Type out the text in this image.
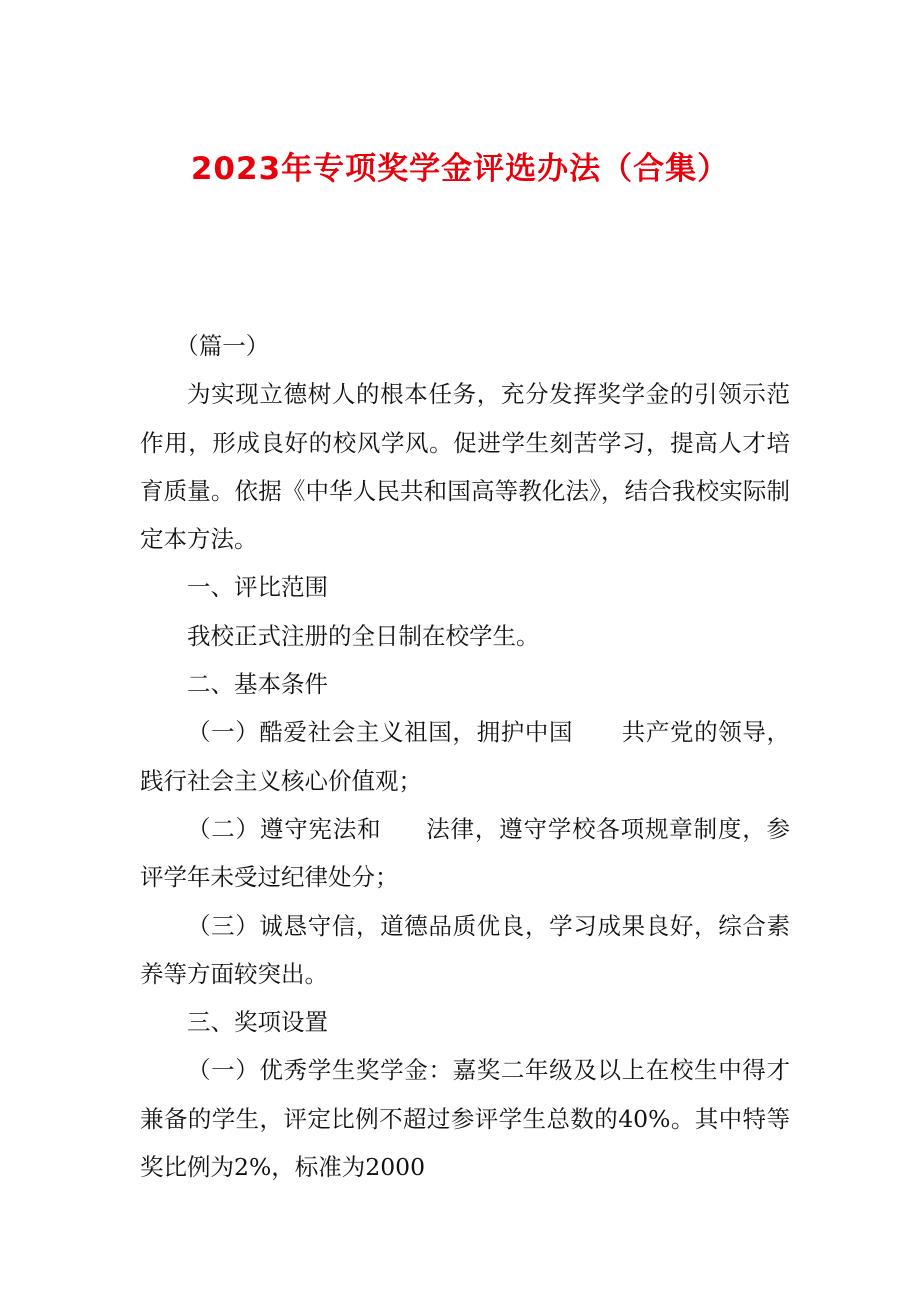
2023年专项奖学金评选办法（合集）

（篇一）

为实现立德树人的根本任务，充分发挥奖学金的引领示范作用，形成良好的校风学风。促进学生刻苦学习，提高人才培育质量。依据《中华人民共和国高等教化法》，结合我校实际制定本方法。

一、评比范围

我校正式注册的全日制在校学生。

二、基本条件

（一）酷爱社会主义祖国，拥护中国 共产党的领导，践行社会主义核心价值观；

（二）遵守宪法和 法律，遵守学校各项规章制度，参评学年未受过纪律处分；

（三）诚恳守信，道德品质优良，学习成果良好，综合素养等方面较突出。

三、奖项设置

（一）优秀学生奖学金：嘉奖二年级及以上在校生中得才兼备的学生，评定比例不超过参评学生总数的40%。其中特等奖比例为2%，标准为2000
